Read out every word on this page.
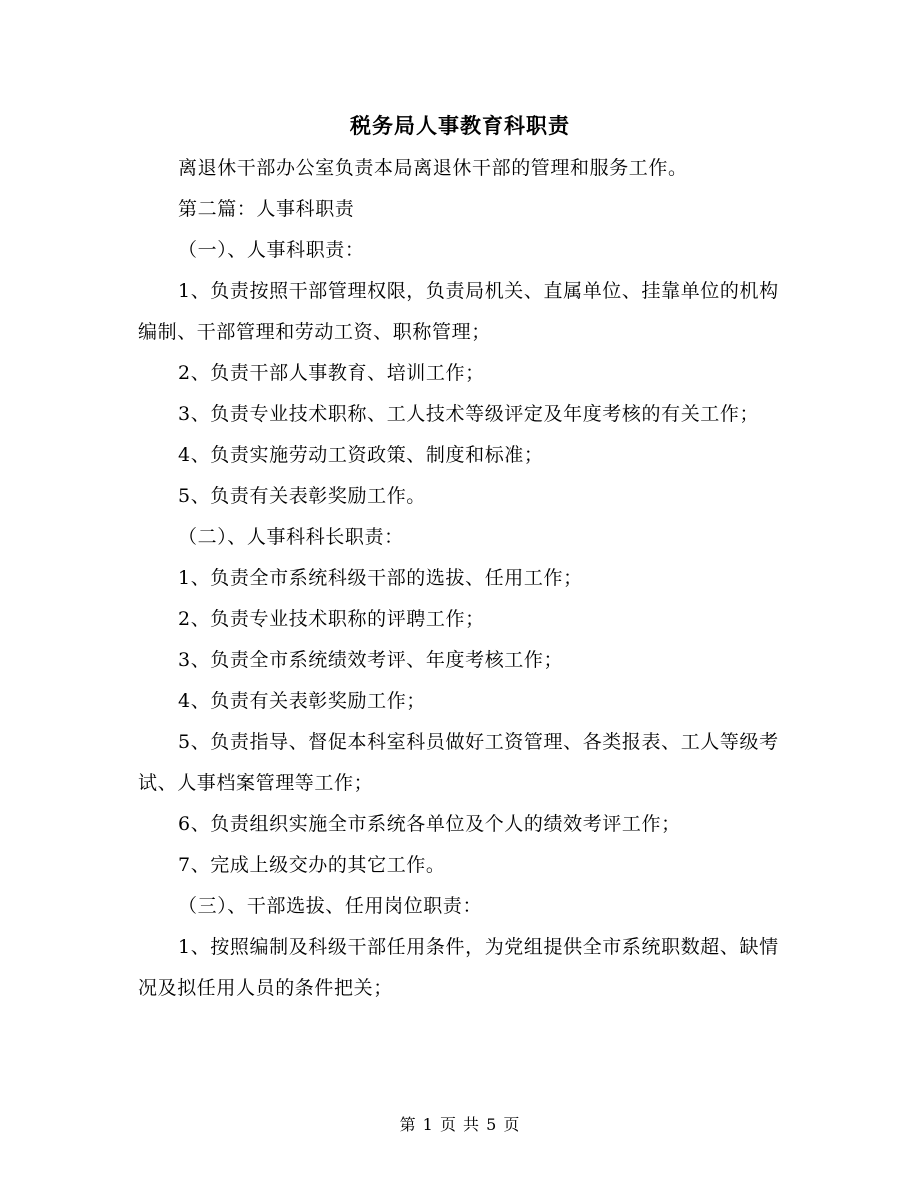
税务局人事教育科职责

离退休干部办公室负责本局离退休干部的管理和服务工作。

第二篇：人事科职责

（一）、人事科职责：

1、负责按照干部管理权限，负责局机关、直属单位、挂靠单位的机构编制、干部管理和劳动工资、职称管理；

2、负责干部人事教育、培训工作；

3、负责专业技术职称、工人技术等级评定及年度考核的有关工作；

4、负责实施劳动工资政策、制度和标准；

5、负责有关表彰奖励工作。

（二）、人事科科长职责：

1、负责全市系统科级干部的选拔、任用工作；

2、负责专业技术职称的评聘工作；

3、负责全市系统绩效考评、年度考核工作；

4、负责有关表彰奖励工作；

5、负责指导、督促本科室科员做好工资管理、各类报表、工人等级考试、人事档案管理等工作；

6、负责组织实施全市系统各单位及个人的绩效考评工作；

7、完成上级交办的其它工作。

（三）、干部选拔、任用岗位职责：

1、按照编制及科级干部任用条件，为党组提供全市系统职数超、缺情况及拟任用人员的条件把关；

第 1 页 共 5 页
